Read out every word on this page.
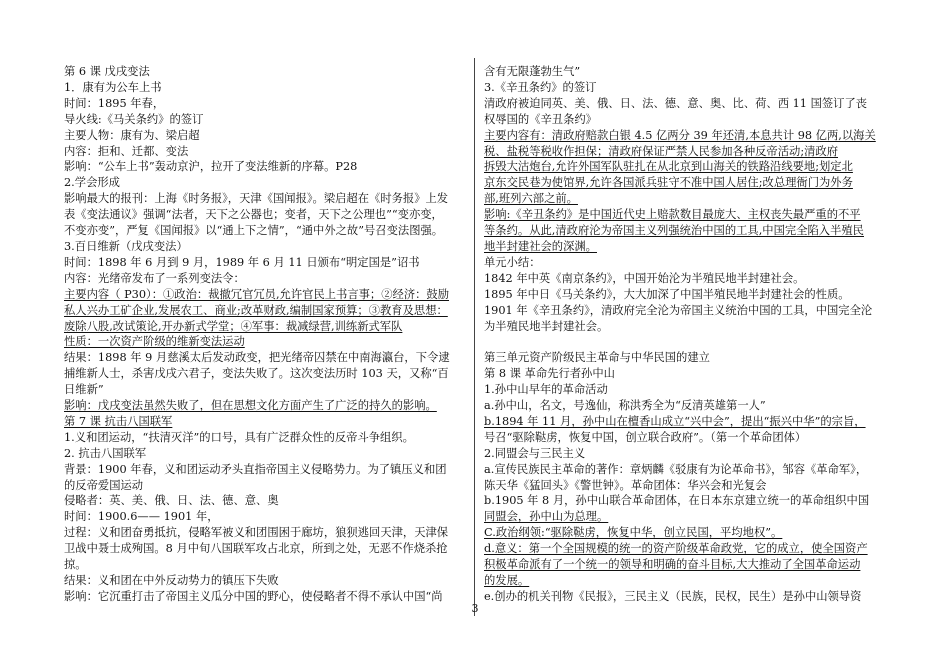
第 6 课 戊戌变法
1．康有为公车上书
时间：1895 年春，
导火线:《马关条约》的签订
主要人物：康有为、梁启超
内容：拒和、迁都、变法
影响：“公车上书”轰动京沪，拉开了变法维新的序幕。P28
2.学会形成
影响最大的报刊：上海《时务报》，天津《国闻报》。梁启超在《时务报》上发
表《变法通议》强调“法者，天下之公器也；变者，天下之公理也”“变亦变，
不变亦变”，严复《国闻报》以“通上下之情”，“通中外之故”号召变法图强。
3.百日维新（戊戌变法）
时间：1898 年 6 月到 9 月，1989 年 6 月 11 日颁布“明定国是”诏书
内容：光绪帝发布了一系列变法令：
主要内容（ P30）：①政治：裁撤冗官冗员,允许官民上书言事；②经济：鼓励
私人兴办工矿企业,发展农工、商业;改革财政,编制国家预算；③教育及思想：
废除八股,改试策论,开办新式学堂；④军事：裁减绿营,训练新式军队
性质：一次资产阶级的维新变法运动
结果：1898 年 9 月慈溪太后发动政变，把光绪帝囚禁在中南海瀛台，下令逮
捕维新人士，杀害戊戌六君子，变法失败了。这次变法历时 103 天，又称“百
日维新”
影响：戊戌变法虽然失败了，但在思想文化方面产生了广泛的持久的影响。
第 7 课 抗击八国联军
1.义和团运动，“扶清灭洋”的口号，具有广泛群众性的反帝斗争组织。
2. 抗击八国联军
背景：1900 年春，义和团运动矛头直指帝国主义侵略势力。为了镇压义和团
的反帝爱国运动
侵略者：英、美、俄、日、法、德、意、奥
时间：1900.6—— 1901 年，
过程：义和团奋勇抵抗，侵略军被义和团围困于廊坊，狼狈逃回天津，天津保
卫战中聂士成殉国。8 月中旬八国联军攻占北京，所到之处，无恶不作烧杀抢
掠。
结果：义和团在中外反动势力的镇压下失败
影响：它沉重打击了帝国主义瓜分中国的野心，使侵略者不得不承认中国“尚
含有无限蓬勃生气”
3.《辛丑条约》的签订
清政府被迫同英、美、俄、日、法、德、意、奥、比、荷、西 11 国签订了丧
权辱国的《辛丑条约》
主要内容有：清政府赔款白银 4.5 亿两分 39 年还清,本息共计 98 亿两,以海关
税、盐税等税收作担保；清政府保证严禁人民参加各种反帝活动;清政府
拆毁大沽炮台,允许外国军队驻扎在从北京到山海关的铁路沿线要地;划定北
京东交民巷为使馆界,允许各国派兵驻守不准中国人居住;改总理衙门为外务
部,班列六部之前。
影响:《辛丑条约》是中国近代史上赔款数目最庞大、主权丧失最严重的不平
等条约。从此,清政府沦为帝国主义列强统治中国的工具,中国完全陷入半殖民
地半封建社会的深渊。
单元小结：
1842 年中英《南京条约》，中国开始沦为半殖民地半封建社会。
1895 年中日《马关条约》，大大加深了中国半殖民地半封建社会的性质。
1901 年《辛丑条约》，清政府完全沦为帝国主义统治中国的工具，中国完全沦
为半殖民地半封建社会。
第三单元资产阶级民主革命与中华民国的建立
第 8 课 革命先行者孙中山
1.孙中山早年的革命活动
a.孙中山，名文，号逸仙，称洪秀全为“反清英雄第一人”
b.1894 年 11 月，孙中山在檀香山成立“兴中会”，提出“振兴中华”的宗旨，
号召“驱除鞑虏，恢复中国，创立联合政府”。（第一个革命团体）
2.同盟会与三民主义
a.宣传民族民主革命的著作：章炳麟《驳康有为论革命书》，邹容《革命军》，
陈天华《猛回头》《警世钟》。革命团体：华兴会和光复会
b.1905 年 8 月，孙中山联合革命团体，在日本东京建立统一的革命组织中国
同盟会，孙中山为总理。
C.政治纲领:“驱除鞑虏，恢复中华，创立民国，平均地权”。
d.意义：第一个全国规模的统一的资产阶级革命政党，它的成立，使全国资产
积极革命派有了一个统一的领导和明确的奋斗目标,大大推动了全国革命运动
的发展。
e.创办的机关刊物《民报》，三民主义（民族，民权，民生）是孙中山领导资
3
